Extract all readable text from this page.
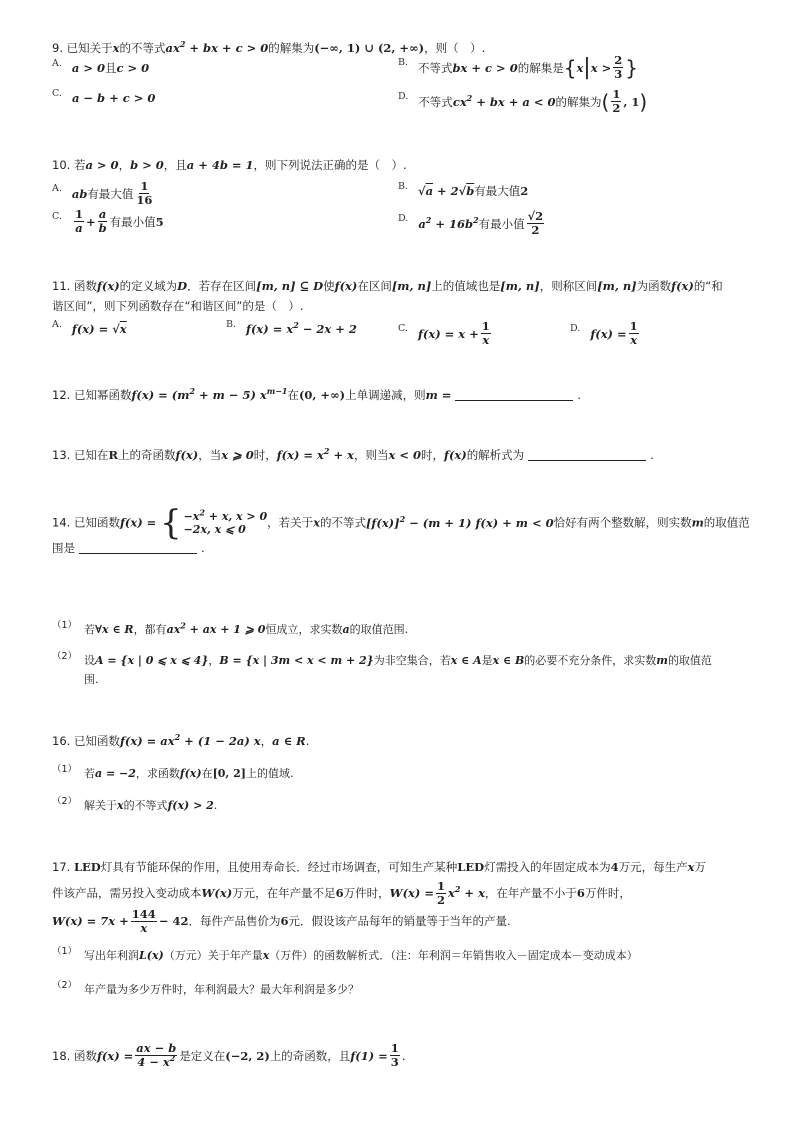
9. 已知关于x的不等式$ax^2$ + bx + c > 0的解集为(−∞, 1) ∪ (2, +∞)，则（　）.
A. a > 0 且 c > 0	B. 不等式 bx + c > 0 的解集是 { x | $x > \frac{2}{3}$ }
C. a − b + c > 0	D. 不等式 $cx^2$ + bx + a < 0 的解集为 ( $\frac{1}{2}$ , 1 )
10. 若a > 0，b > 0，且a + 4b = 1，则下列说法正确的是（　）.
A. ab 有最大值 $\frac{1}{16}$	B. √a + 2√b 有最大值 2
C. $\frac{1}{a} + \frac{a}{b}$ 有最小值 5	D. $a^2 + 16b^2$ 有最小值 $\frac{√2}{2}$
11. 函数f(x)的定义域为D．若存在区间[m, n] ⊆ D使f(x)在区间[m, n]上的值域也是[m, n]，则称区间[m, n]为函数f(x)的“和
谐区间”，则下列函数存在“和谐区间”的是（　）.
A. f(x) = √x	B. $f(x) = x^2 - 2x + 2$	C. $f(x) = x + \frac{1}{x}$	D. $f(x) = \frac{1}{x}$
12. 已知幂函数$f(x) = (m^2 + m - 5)$ $x^{m-1}$在(0, +∞)上单调递减，则m =	.
13. 已知在R上的奇函数f(x)，当x ⩾ 0时，$f(x) = x^2 + x$，则当x < 0时，f(x)的解析式为	.
14. 已知函数f(x) = { $-x^2 + x$, x > 0
−2x, x ⩽ 0	，若关于x的不等式$[f(x)]^2 - (m + 1) f(x) + m < 0$恰好有两个整数解，则实数m的取值范
围是	.
（1） 若∀x ∈ R，都有$ax^2$ + ax + 1 ⩾ 0恒成立，求实数a的取值范围.
（2） 设A = {x | 0 ⩽ x ⩽ 4}，B = {x | 3m < x < m + 2}为非空集合，若x ∈ A是x ∈ B的必要不充分条件，求实数m的取值范
围.
16. 已知函数$f(x) = ax^2 + (1 - 2a)$ x，a ∈ R.
（1） 若a = −2，求函数f(x)在[0, 2]上的值域.
（2） 解关于x的不等式f(x) > 2.
17. LED灯具有节能环保的作用，且使用寿命长．经过市场调查，可知生产某种LED灯需投入的年固定成本为4万元，每生产x万
件该产品，需另投入变动成本W(x)万元，在年产量不足6万件时，$W(x) = \frac{1}{2} x^2 + x$，在年产量不小于6万件时，
$W(x) = 7x + \frac{144}{x} - 42$．每件产品售价为6元．假设该产品每年的销量等于当年的产量.
（1） 写出年利润L(x)（万元）关于年产量x（万件）的函数解析式．（注：年利润＝年销售收入－固定成本－变动成本）
（2） 年产量为多少万件时，年利润最大？最大年利润是多少？
18. 函数 $f(x) = \frac{ax - b}{4 - x^2}$ 是定义在 (−2, 2) 上的奇函数，且 $f(1) = \frac{1}{3}$ .
